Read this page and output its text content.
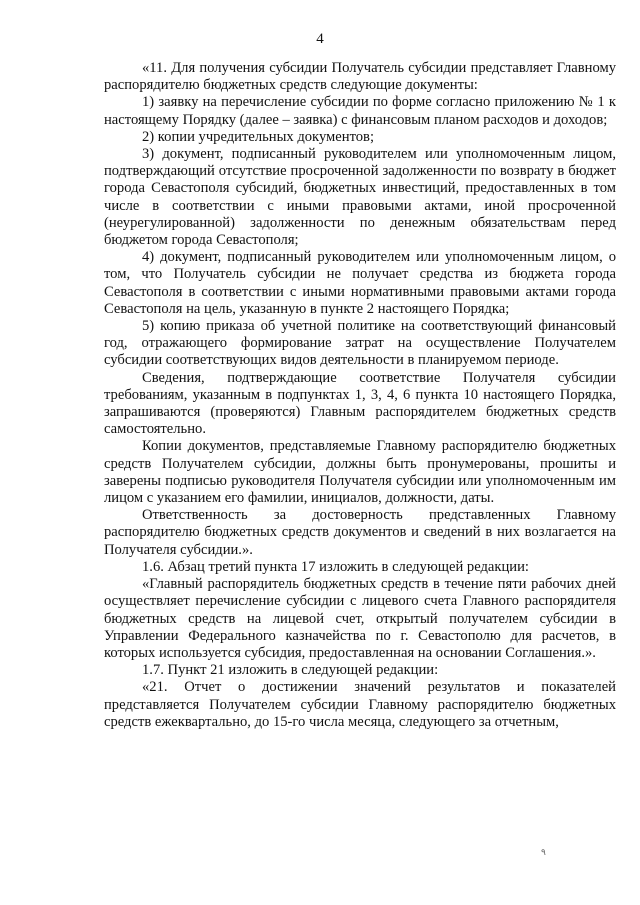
4

«11. Для получения субсидии Получатель субсидии представляет Главному распорядителю бюджетных средств следующие документы:

1) заявку на перечисление субсидии по форме согласно приложению № 1 к настоящему Порядку (далее – заявка) с финансовым планом расходов и доходов;

2) копии учредительных документов;

3) документ, подписанный руководителем или уполномоченным лицом, подтверждающий отсутствие просроченной задолженности по возврату в бюджет города Севастополя субсидий, бюджетных инвестиций, предоставленных в том числе в соответствии с иными правовыми актами, иной просроченной (неурегулированной) задолженности по денежным обязательствам перед бюджетом города Севастополя;

4) документ, подписанный руководителем или уполномоченным лицом, о том, что Получатель субсидии не получает средства из бюджета города Севастополя в соответствии с иными нормативными правовыми актами города Севастополя на цель, указанную в пункте 2 настоящего Порядка;

5) копию приказа об учетной политике на соответствующий финансовый год, отражающего формирование затрат на осуществление Получателем субсидии соответствующих видов деятельности в планируемом периоде.

Сведения, подтверждающие соответствие Получателя субсидии требованиям, указанным в подпунктах 1, 3, 4, 6 пункта 10 настоящего Порядка, запрашиваются (проверяются) Главным распорядителем бюджетных средств самостоятельно.

Копии документов, представляемые Главному распорядителю бюджетных средств Получателем субсидии, должны быть пронумерованы, прошиты и заверены подписью руководителя Получателя субсидии или уполномоченным им лицом с указанием его фамилии, инициалов, должности, даты.

Ответственность за достоверность представленных Главному распорядителю бюджетных средств документов и сведений в них возлагается на Получателя субсидии.».

1.6. Абзац третий пункта 17 изложить в следующей редакции:

«Главный распорядитель бюджетных средств в течение пяти рабочих дней осуществляет перечисление субсидии с лицевого счета Главного распорядителя бюджетных средств на лицевой счет, открытый получателем субсидии в Управлении Федерального казначейства по г. Севастополю для расчетов, в которых используется субсидия, предоставленная на основании Соглашения.».

1.7. Пункт 21 изложить в следующей редакции:

«21. Отчет о достижении значений результатов и показателей представляется Получателем субсидии Главному распорядителю бюджетных средств ежеквартально, до 15-го числа месяца, следующего за отчетным,

٩
